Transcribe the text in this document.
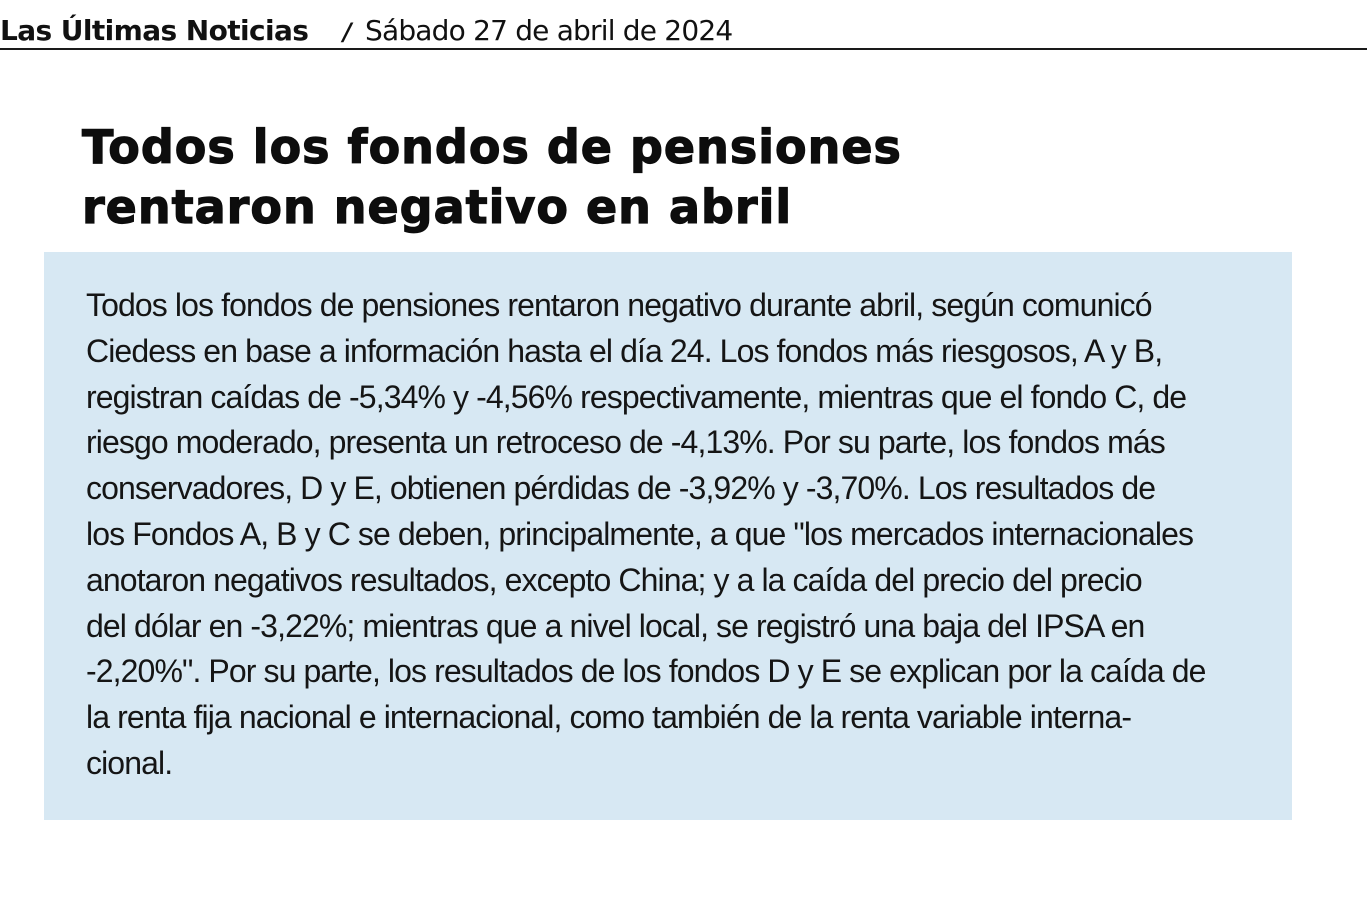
Las Últimas Noticias / Sábado 27 de abril de 2024
Todos los fondos de pensiones
rentaron negativo en abril

Todos los fondos de pensiones rentaron negativo durante abril, según comunicó
Ciedess en base a información hasta el día 24. Los fondos más riesgosos, A y B,
registran caídas de -5,34% y -4,56% respectivamente, mientras que el fondo C, de
riesgo moderado, presenta un retroceso de -4,13%. Por su parte, los fondos más
conservadores, D y E, obtienen pérdidas de -3,92% y -3,70%. Los resultados de
los Fondos A, B y C se deben, principalmente, a que "los mercados internacionales
anotaron negativos resultados, excepto China; y a la caída del precio del precio
del dólar en -3,22%; mientras que a nivel local, se registró una baja del IPSA en
-2,20%". Por su parte, los resultados de los fondos D y E se explican por la caída de
la renta fija nacional e internacional, como también de la renta variable interna-
cional.
